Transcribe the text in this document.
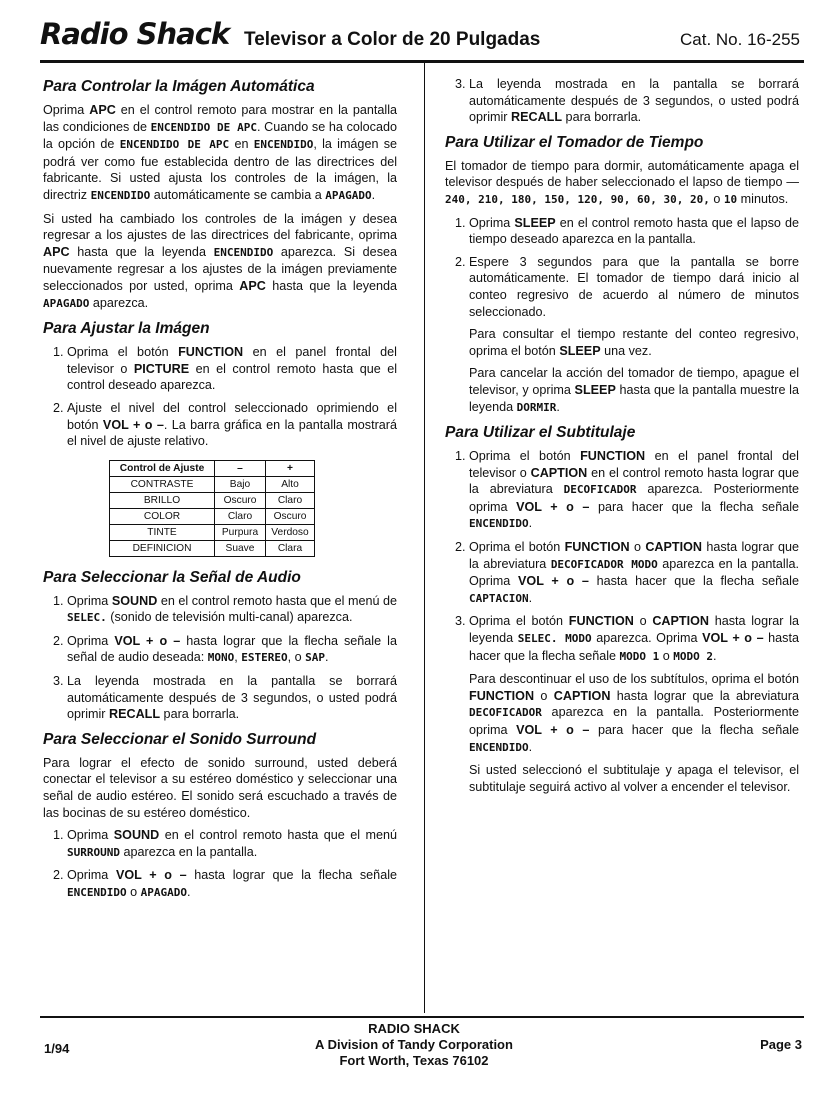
Radio Shack Televisor a Color de 20 Pulgadas	Cat. No. 16-255
Para Controlar la Imágen Automática

Oprima APC en el control remoto para mostrar en la pantalla las condiciones de ENCENDIDO DE APC. Cuando se ha colocado la opción de ENCENDIDO DE APC en ENCENDIDO, la imágen se podrá ver como fue establecida dentro de las directrices del fabricante. Si usted ajusta los controles de la imágen, la directriz ENCENDIDO automáticamente se cambia a APAGADO.

Si usted ha cambiado los controles de la imágen y desea regresar a los ajustes de las directrices del fabricante, oprima APC hasta que la leyenda ENCENDIDO aparezca. Si desea nuevamente regresar a los ajustes de la imágen previamente seleccionados por usted, oprima APC hasta que la leyenda APAGADO aparezca.

Para Ajustar la Imágen
1. Oprima el botón FUNCTION en el panel frontal del televisor o PICTURE en el control remoto hasta que el control deseado aparezca.
2. Ajuste el nivel del control seleccionado oprimiendo el botón VOL + o –. La barra gráfica en la pantalla mostrará el nivel de ajuste relativo.
Control de Ajuste	–	+
CONTRASTE	Bajo	Alto
BRILLO	Oscuro	Claro
COLOR	Claro	Oscuro
TINTE	Purpura	Verdoso
DEFINICION	Suave	Clara
Para Seleccionar la Señal de Audio
1. Oprima SOUND en el control remoto hasta que el menú de SELEC. (sonido de televisión multi-canal) aparezca.
2. Oprima VOL + o – hasta lograr que la flecha señale la señal de audio deseada: MONO, ESTEREO, o SAP.
3. La leyenda mostrada en la pantalla se borrará automáticamente después de 3 segundos, o usted podrá oprimir RECALL para borrarla.
Para Seleccionar el Sonido Surround

Para lograr el efecto de sonido surround, usted deberá conectar el televisor a su estéreo doméstico y seleccionar una señal de audio estéreo. El sonido será escuchado a través de las bocinas de su estéreo doméstico.

1. Oprima SOUND en el control remoto hasta que el menú SURROUND aparezca en la pantalla.
2. Oprima VOL + o – hasta lograr que la flecha señale ENCENDIDO o APAGADO.
3. La leyenda mostrada en la pantalla se borrará automáticamente después de 3 segundos, o usted podrá oprimir RECALL para borrarla.
Para Utilizar el Tomador de Tiempo

El tomador de tiempo para dormir, automáticamente apaga el televisor después de haber seleccionado el lapso de tiempo — 240, 210, 180, 150, 120, 90, 60, 30, 20, o 10 minutos.

1. Oprima SLEEP en el control remoto hasta que el lapso de tiempo deseado aparezca en la pantalla.

2. Espere 3 segundos para que la pantalla se borre automáticamente. El tomador de tiempo dará inicio al conteo regresivo de acuerdo al número de minutos seleccionado.

Para consultar el tiempo restante del conteo regresivo, oprima el botón SLEEP una vez.

Para cancelar la acción del tomador de tiempo, apague el televisor, y oprima SLEEP hasta que la pantalla muestre la leyenda DORMIR.

Para Utilizar el Subtitulaje

1. Oprima el botón FUNCTION en el panel frontal del televisor o CAPTION en el control remoto hasta lograr que la abreviatura DECOFICADOR aparezca. Posteriormente oprima VOL + o – para hacer que la flecha señale ENCENDIDO.

2. Oprima el botón FUNCTION o CAPTION hasta lograr que la abreviatura DECOFICADOR MODO aparezca en la pantalla. Oprima VOL + o – hasta hacer que la flecha señale CAPTACION.

3. Oprima el botón FUNCTION o CAPTION hasta lograr la leyenda SELEC. MODO aparezca. Oprima VOL + o – hasta hacer que la flecha señale MODO 1 o MODO 2.

Para descontinuar el uso de los subtítulos, oprima el botón FUNCTION o CAPTION hasta lograr que la abreviatura DECOFICADOR aparezca en la pantalla. Posteriormente oprima VOL + o – para hacer que la flecha señale ENCENDIDO.

Si usted seleccionó el subtitulaje y apaga el televisor, el subtitulaje seguirá activo al volver a encender el televisor.

1/94
RADIO SHACK
A Division of Tandy Corporation
Fort Worth, Texas 76102
Page 3
